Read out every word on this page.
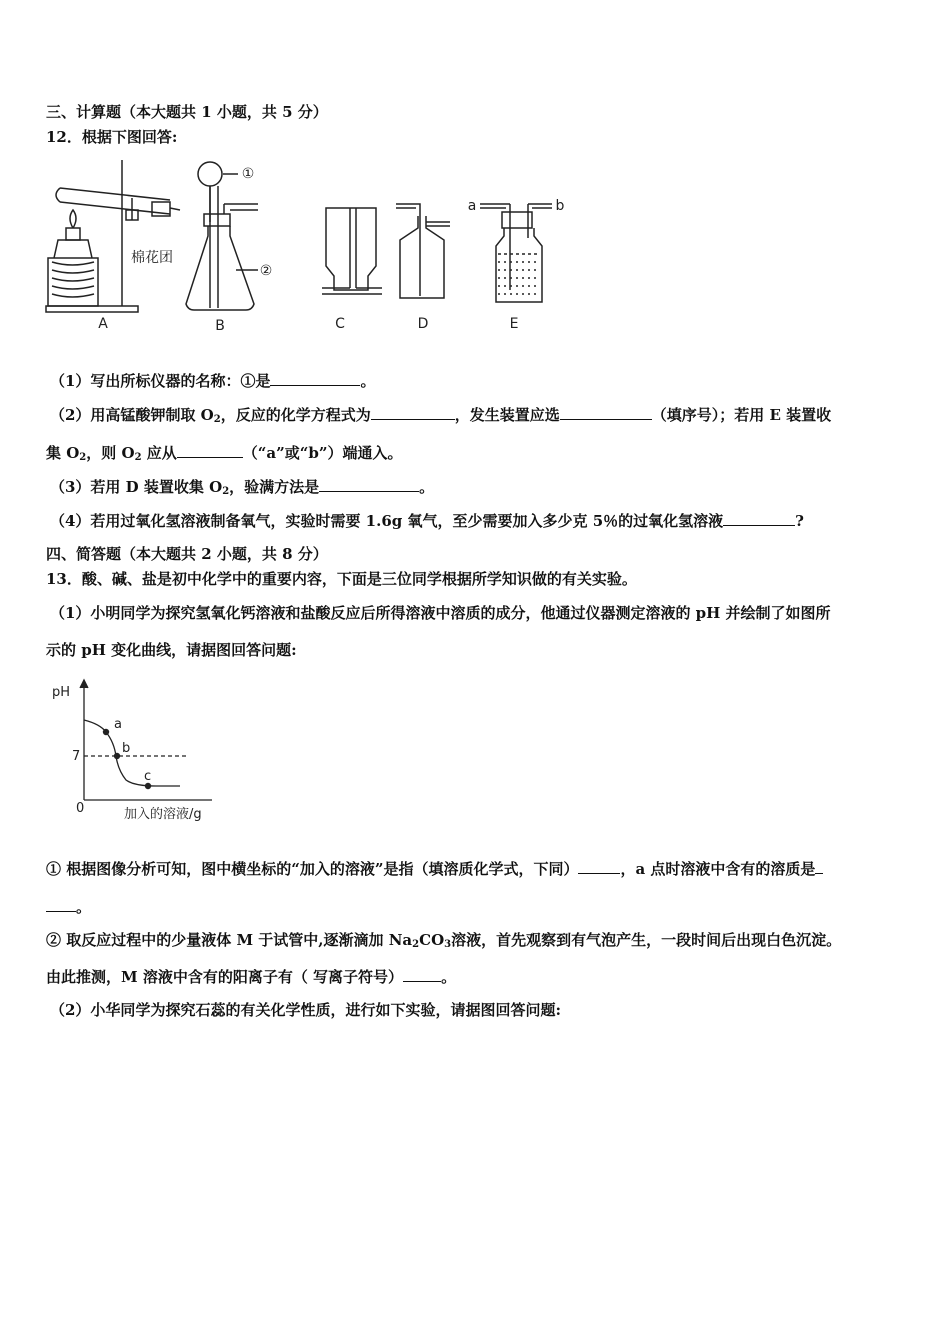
三、计算题（本大题共 1 小题，共 5 分）
12．根据下图回答:
A	B	C	D	E
①
②
棉花团
a	b
（1）写出所标仪器的名称：①是	。
（2）用高锰酸钾制取 $O_2$，反应的化学方程式为	，发生装置应选	（填序号）；若用 E 装置收
集 $O_2$，则 $O_2$ 应从	（“a”或“b”）端通入。
（3）若用 D 装置收集 $O_2$，验满方法是	。
（4）若用过氧化氢溶液制备氧气，实验时需要 1.6g 氧气，至少需要加入多少克 5％的过氧化氢溶液	?
四、简答题（本大题共 2 小题，共 8 分）
13．酸、碱、盐是初中化学中的重要内容，下面是三位同学根据所学知识做的有关实验。
（1）小明同学为探究氢氧化钙溶液和盐酸反应后所得溶液中溶质的成分，他通过仪器测定溶液的 pH 并绘制了如图所
示的 pH 变化曲线，请据图回答问题:
pH
7
0
a
b
c
加入的溶液/g
① 根据图像分析可知，图中横坐标的“加入的溶液”是指（填溶质化学式，下同）	，a 点时溶液中含有的溶质是
。
② 取反应过程中的少量液体 M 于试管中,逐渐滴加 $Na_2CO_3$溶液，首先观察到有气泡产生，一段时间后出现白色沉淀。
由此推测，M 溶液中含有的阳离子有（ 写离子符号）	。
（2）小华同学为探究石蕊的有关化学性质，进行如下实验，请据图回答问题:
